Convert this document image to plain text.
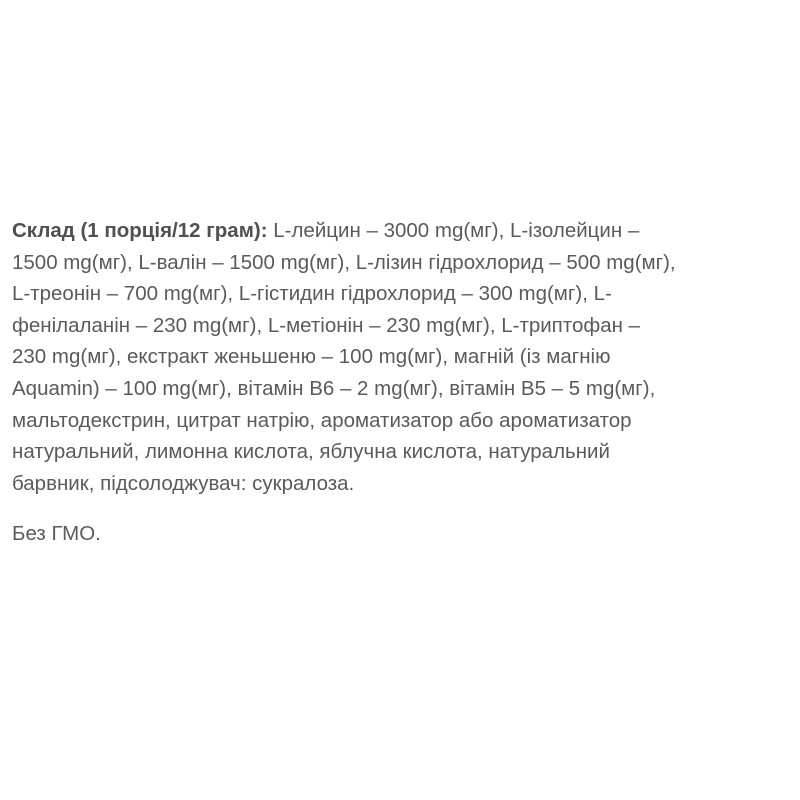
Склад (1 порція/12 грам): L-лейцин – 3000 mg(мг), L-ізолейцин –
1500 mg(мг), L-валін – 1500 mg(мг), L-лізин гідрохлорид – 500 mg(мг),
L-треонін – 700 mg(мг), L-гістидин гідрохлорид – 300 mg(мг), L-
фенілаланін – 230 mg(мг), L-метіонін – 230 mg(мг), L-триптофан –
230 mg(мг), екстракт женьшеню – 100 mg(мг), магній (із магнію
Aquamin) – 100 mg(мг), вітамін B6 – 2 mg(мг), вітамін B5 – 5 mg(мг),
мальтодекстрин, цитрат натрію, ароматизатор або ароматизатор
натуральний, лимонна кислота, яблучна кислота, натуральний
барвник, підсолоджувач: сукралоза.

Без ГМО.
